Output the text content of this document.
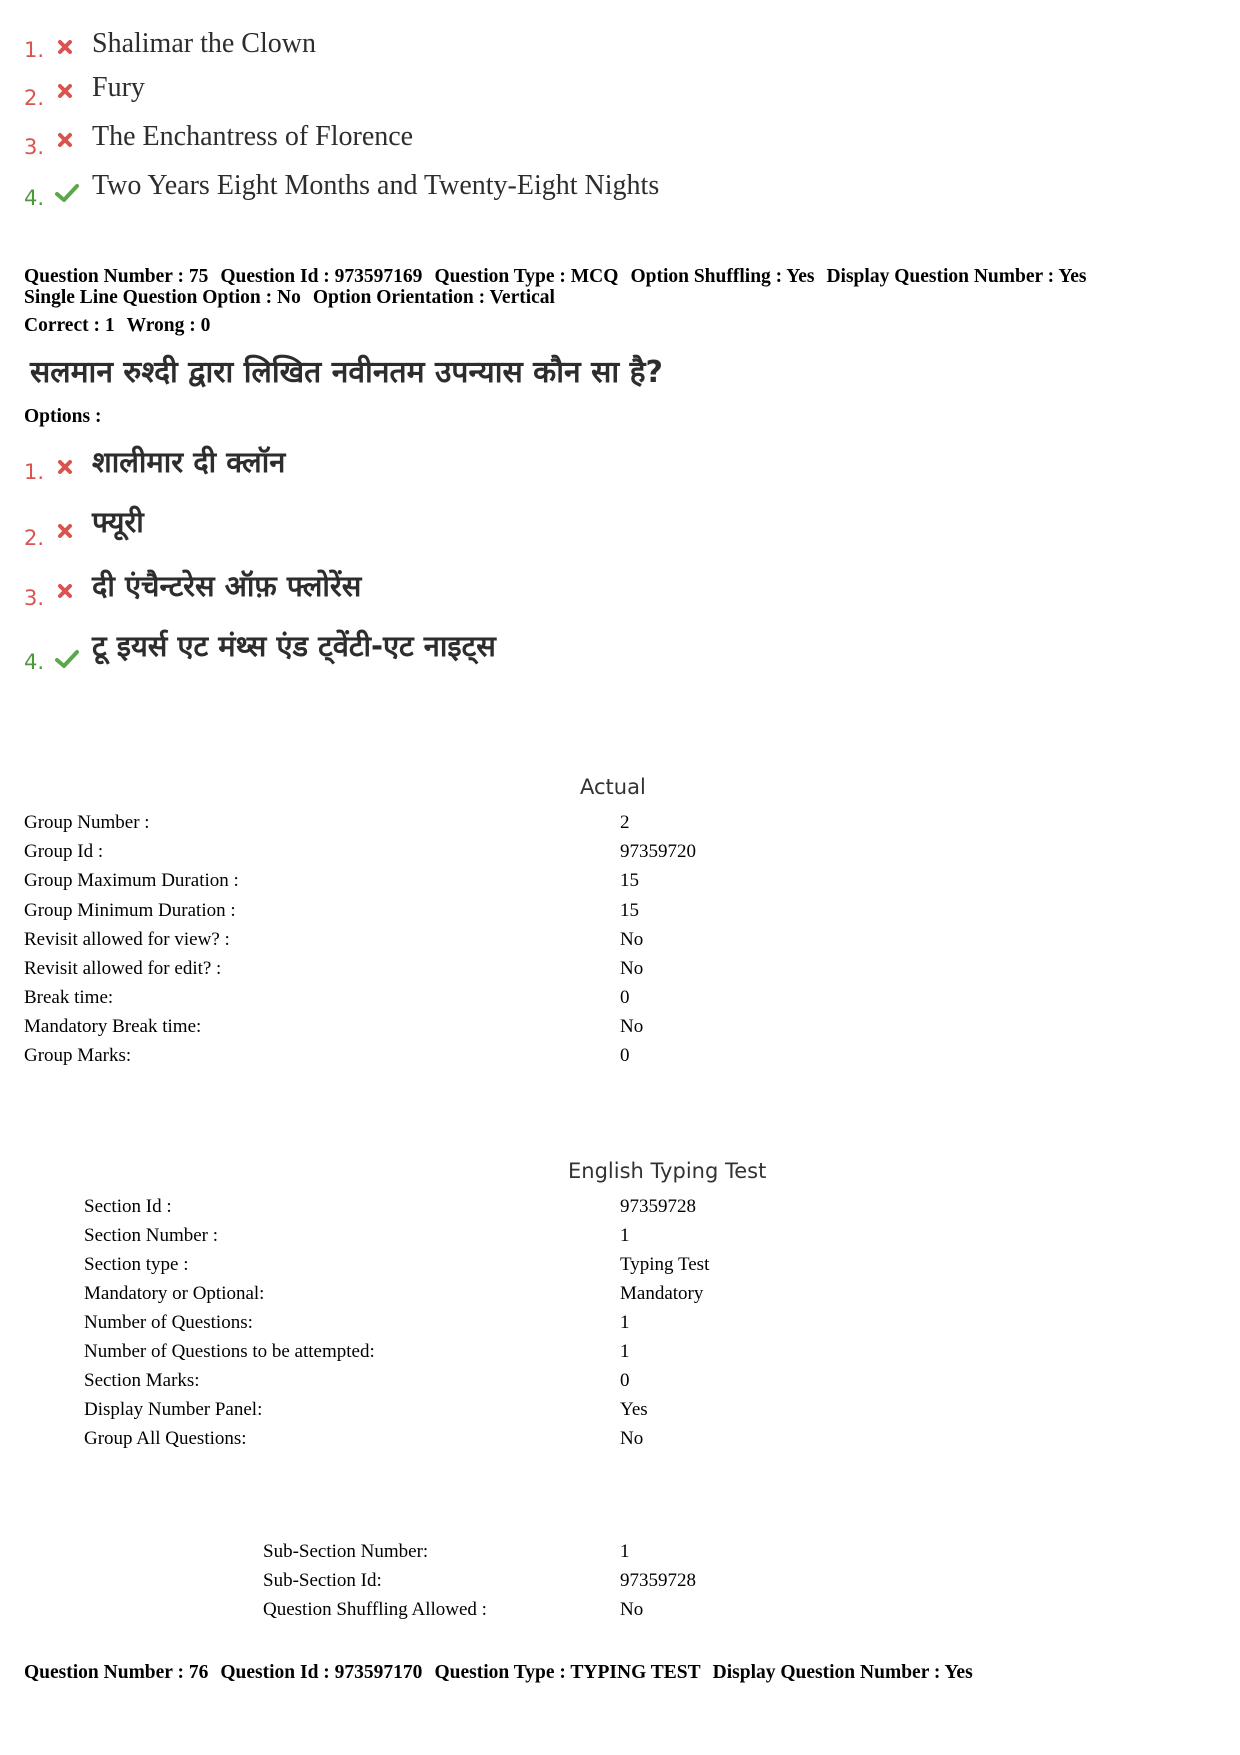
1. Shalimar the Clown
2. Fury
3. The Enchantress of Florence
4. Two Years Eight Months and Twenty-Eight Nights
Question Number : 75 Question Id : 973597169 Question Type : MCQ Option Shuffling : Yes Display Question Number : Yes
Single Line Question Option : No Option Orientation : Vertical
Correct : 1 Wrong : 0
सलमान रुश्दी द्वारा लिखित नवीनतम उपन्यास कौन सा है?
Options :
1. शालीमार दी क्लॉन
2. फ्यूरी
3. दी एंचैन्टरेस ऑफ़ फ्लोरेंस
4. टू इयर्स एट मंथ्स एंड ट्वेंटी-एट नाइट्स
Actual
Group Number :	2
Group Id :	97359720
Group Maximum Duration :	15
Group Minimum Duration :	15
Revisit allowed for view? :	No
Revisit allowed for edit? :	No
Break time:	0
Mandatory Break time:	No
Group Marks:	0
English Typing Test
Section Id :	97359728
Section Number :	1
Section type :	Typing Test
Mandatory or Optional:	Mandatory
Number of Questions:	1
Number of Questions to be attempted:	1
Section Marks:	0
Display Number Panel:	Yes
Group All Questions:	No
Sub-Section Number:	1
Sub-Section Id:	97359728
Question Shuffling Allowed :	No
Question Number : 76 Question Id : 973597170 Question Type : TYPING TEST Display Question Number : Yes
